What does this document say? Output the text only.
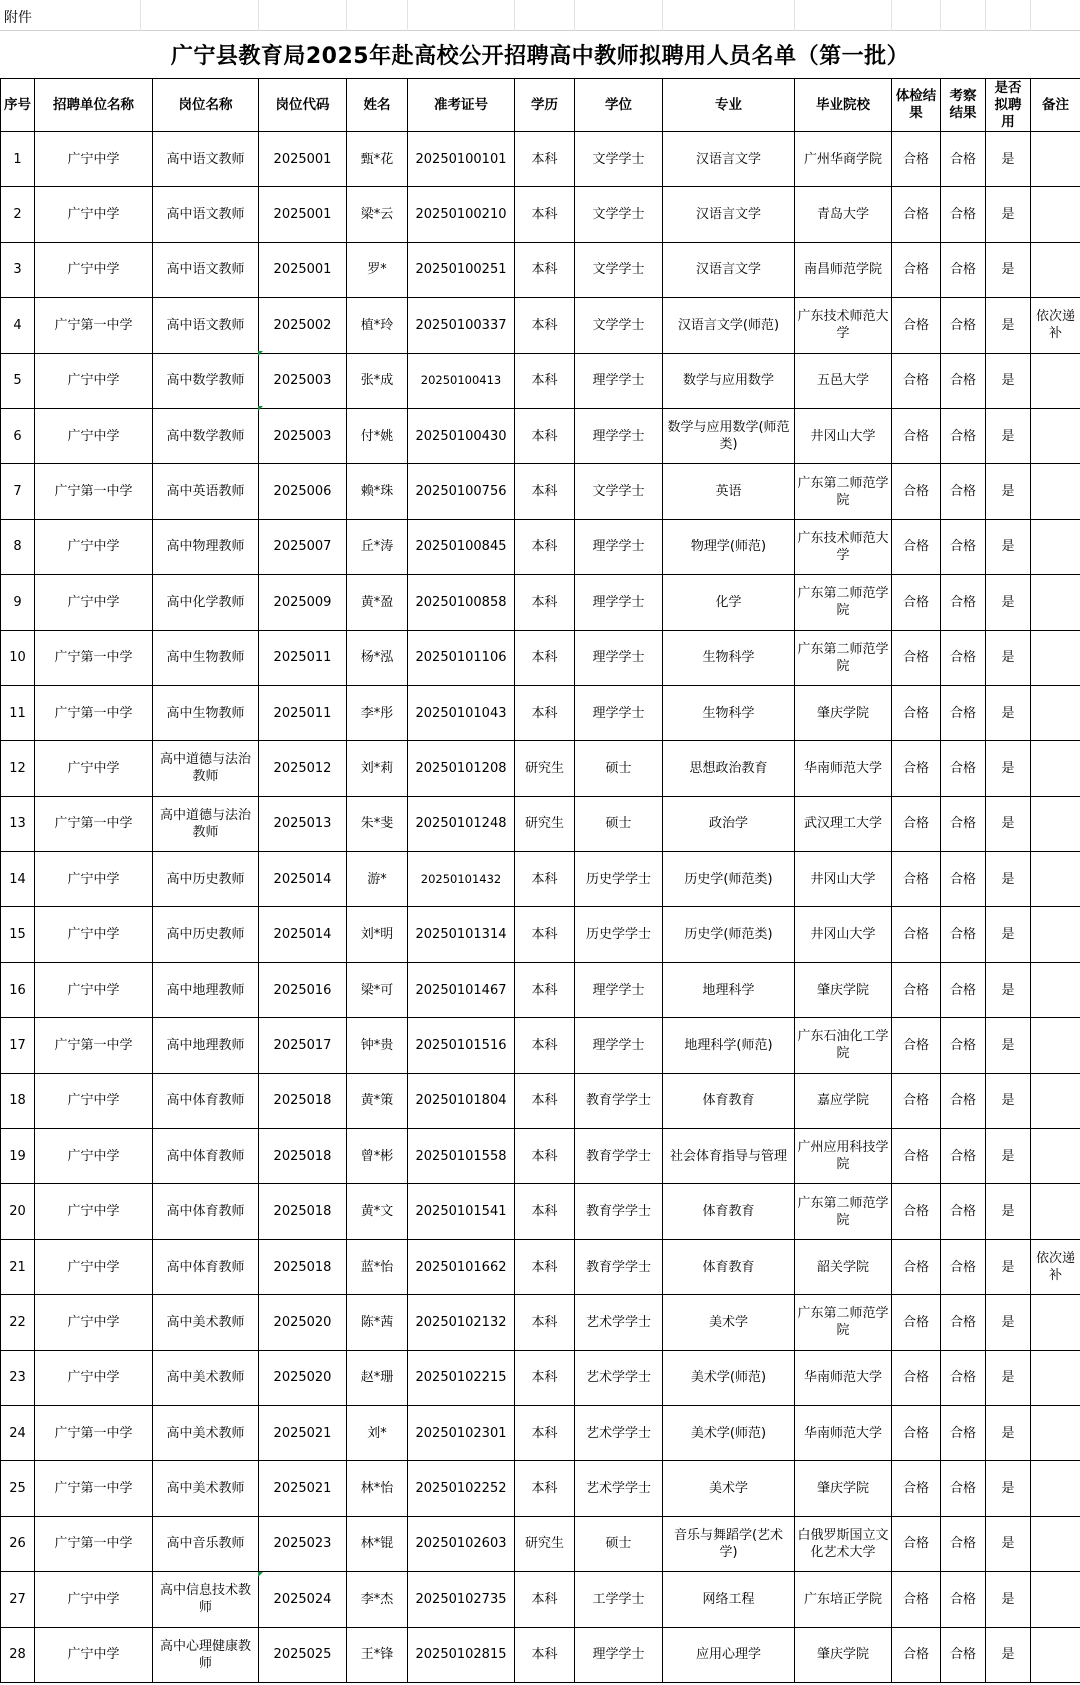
附件
广宁县教育局2025年赴高校公开招聘高中教师拟聘用人员名单（第一批）
序号	招聘单位名称	岗位名称	岗位代码	姓名	准考证号	学历	学位	专业	毕业院校	体检结果	考察结果	是否拟聘用	备注
1	广宁中学	高中语文教师	2025001	甄*花	20250100101	本科	文学学士	汉语言文学	广州华商学院	合格	合格	是	
2	广宁中学	高中语文教师	2025001	梁*云	20250100210	本科	文学学士	汉语言文学	青岛大学	合格	合格	是	
3	广宁中学	高中语文教师	2025001	罗*	20250100251	本科	文学学士	汉语言文学	南昌师范学院	合格	合格	是	
4	广宁第一中学	高中语文教师	2025002	植*玲	20250100337	本科	文学学士	汉语言文学(师范)	广东技术师范大学	合格	合格	是	依次递补
5	广宁中学	高中数学教师	2025003	张*成	20250100413	本科	理学学士	数学与应用数学	五邑大学	合格	合格	是	
6	广宁中学	高中数学教师	2025003	付*姚	20250100430	本科	理学学士	数学与应用数学(师范类)	井冈山大学	合格	合格	是	
7	广宁第一中学	高中英语教师	2025006	赖*珠	20250100756	本科	文学学士	英语	广东第二师范学院	合格	合格	是	
8	广宁中学	高中物理教师	2025007	丘*涛	20250100845	本科	理学学士	物理学(师范)	广东技术师范大学	合格	合格	是	
9	广宁中学	高中化学教师	2025009	黄*盈	20250100858	本科	理学学士	化学	广东第二师范学院	合格	合格	是	
10	广宁第一中学	高中生物教师	2025011	杨*泓	20250101106	本科	理学学士	生物科学	广东第二师范学院	合格	合格	是	
11	广宁第一中学	高中生物教师	2025011	李*彤	20250101043	本科	理学学士	生物科学	肇庆学院	合格	合格	是	
12	广宁中学	高中道德与法治教师	2025012	刘*莉	20250101208	研究生	硕士	思想政治教育	华南师范大学	合格	合格	是	
13	广宁第一中学	高中道德与法治教师	2025013	朱*斐	20250101248	研究生	硕士	政治学	武汉理工大学	合格	合格	是	
14	广宁中学	高中历史教师	2025014	游*	20250101432	本科	历史学学士	历史学(师范类)	井冈山大学	合格	合格	是	
15	广宁中学	高中历史教师	2025014	刘*明	20250101314	本科	历史学学士	历史学(师范类)	井冈山大学	合格	合格	是	
16	广宁中学	高中地理教师	2025016	梁*可	20250101467	本科	理学学士	地理科学	肇庆学院	合格	合格	是	
17	广宁第一中学	高中地理教师	2025017	钟*贵	20250101516	本科	理学学士	地理科学(师范)	广东石油化工学院	合格	合格	是	
18	广宁中学	高中体育教师	2025018	黄*策	20250101804	本科	教育学学士	体育教育	嘉应学院	合格	合格	是	
19	广宁中学	高中体育教师	2025018	曾*彬	20250101558	本科	教育学学士	社会体育指导与管理	广州应用科技学院	合格	合格	是	
20	广宁中学	高中体育教师	2025018	黄*文	20250101541	本科	教育学学士	体育教育	广东第二师范学院	合格	合格	是	
21	广宁中学	高中体育教师	2025018	蓝*怡	20250101662	本科	教育学学士	体育教育	韶关学院	合格	合格	是	依次递补
22	广宁中学	高中美术教师	2025020	陈*茜	20250102132	本科	艺术学学士	美术学	广东第二师范学院	合格	合格	是	
23	广宁中学	高中美术教师	2025020	赵*珊	20250102215	本科	艺术学学士	美术学(师范)	华南师范大学	合格	合格	是	
24	广宁第一中学	高中美术教师	2025021	刘*	20250102301	本科	艺术学学士	美术学(师范)	华南师范大学	合格	合格	是	
25	广宁第一中学	高中美术教师	2025021	林*怡	20250102252	本科	艺术学学士	美术学	肇庆学院	合格	合格	是	
26	广宁第一中学	高中音乐教师	2025023	林*锟	20250102603	研究生	硕士	音乐与舞蹈学(艺术学)	白俄罗斯国立文化艺术大学	合格	合格	是	
27	广宁中学	高中信息技术教师	2025024	李*杰	20250102735	本科	工学学士	网络工程	广东培正学院	合格	合格	是	
28	广宁中学	高中心理健康教师	2025025	王*锋	20250102815	本科	理学学士	应用心理学	肇庆学院	合格	合格	是	
